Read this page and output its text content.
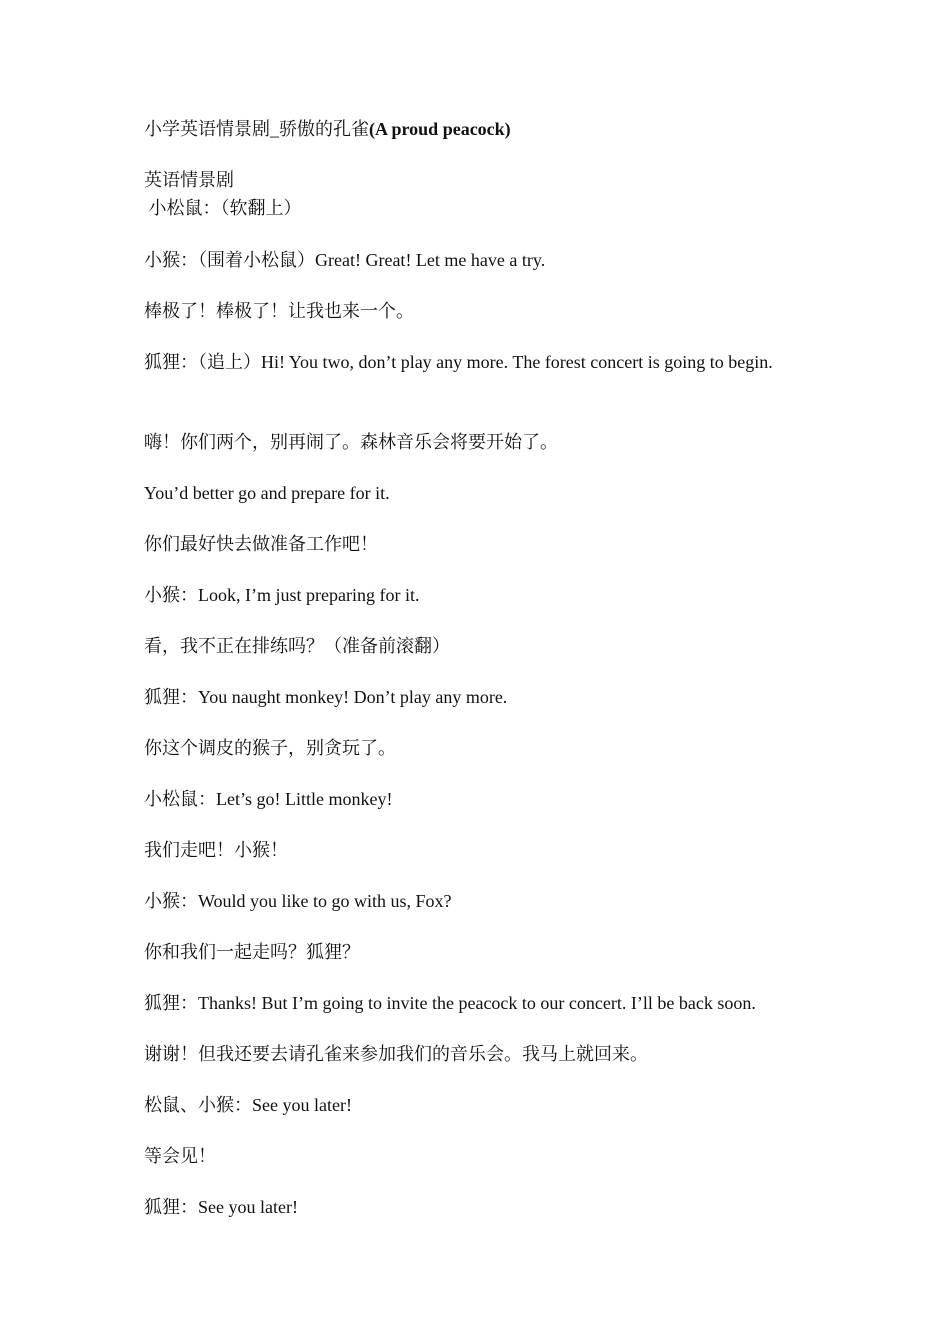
小学英语情景剧_骄傲的孔雀(A proud peacock)
英语情景剧
小松鼠：（软翻上）
小猴：（围着小松鼠）Great! Great! Let me have a try.
棒极了！棒极了！让我也来一个。
狐狸：（追上）Hi! You two, don’t play any more. The forest concert is going to begin.
嗨！你们两个，别再闹了。森林音乐会将要开始了。
You’d better go and prepare for it.
你们最好快去做准备工作吧！
小猴：Look, I’m just preparing for it.
看，我不正在排练吗？（准备前滚翻）
狐狸：You naught monkey! Don’t play any more.
你这个调皮的猴子，别贪玩了。
小松鼠：Let’s go! Little monkey!
我们走吧！小猴！
小猴：Would you like to go with us, Fox?
你和我们一起走吗？狐狸？
狐狸：Thanks! But I’m going to invite the peacock to our concert. I’ll be back soon.
谢谢！但我还要去请孔雀来参加我们的音乐会。我马上就回来。
松鼠、小猴：See you later!
等会见！
狐狸：See you later!
